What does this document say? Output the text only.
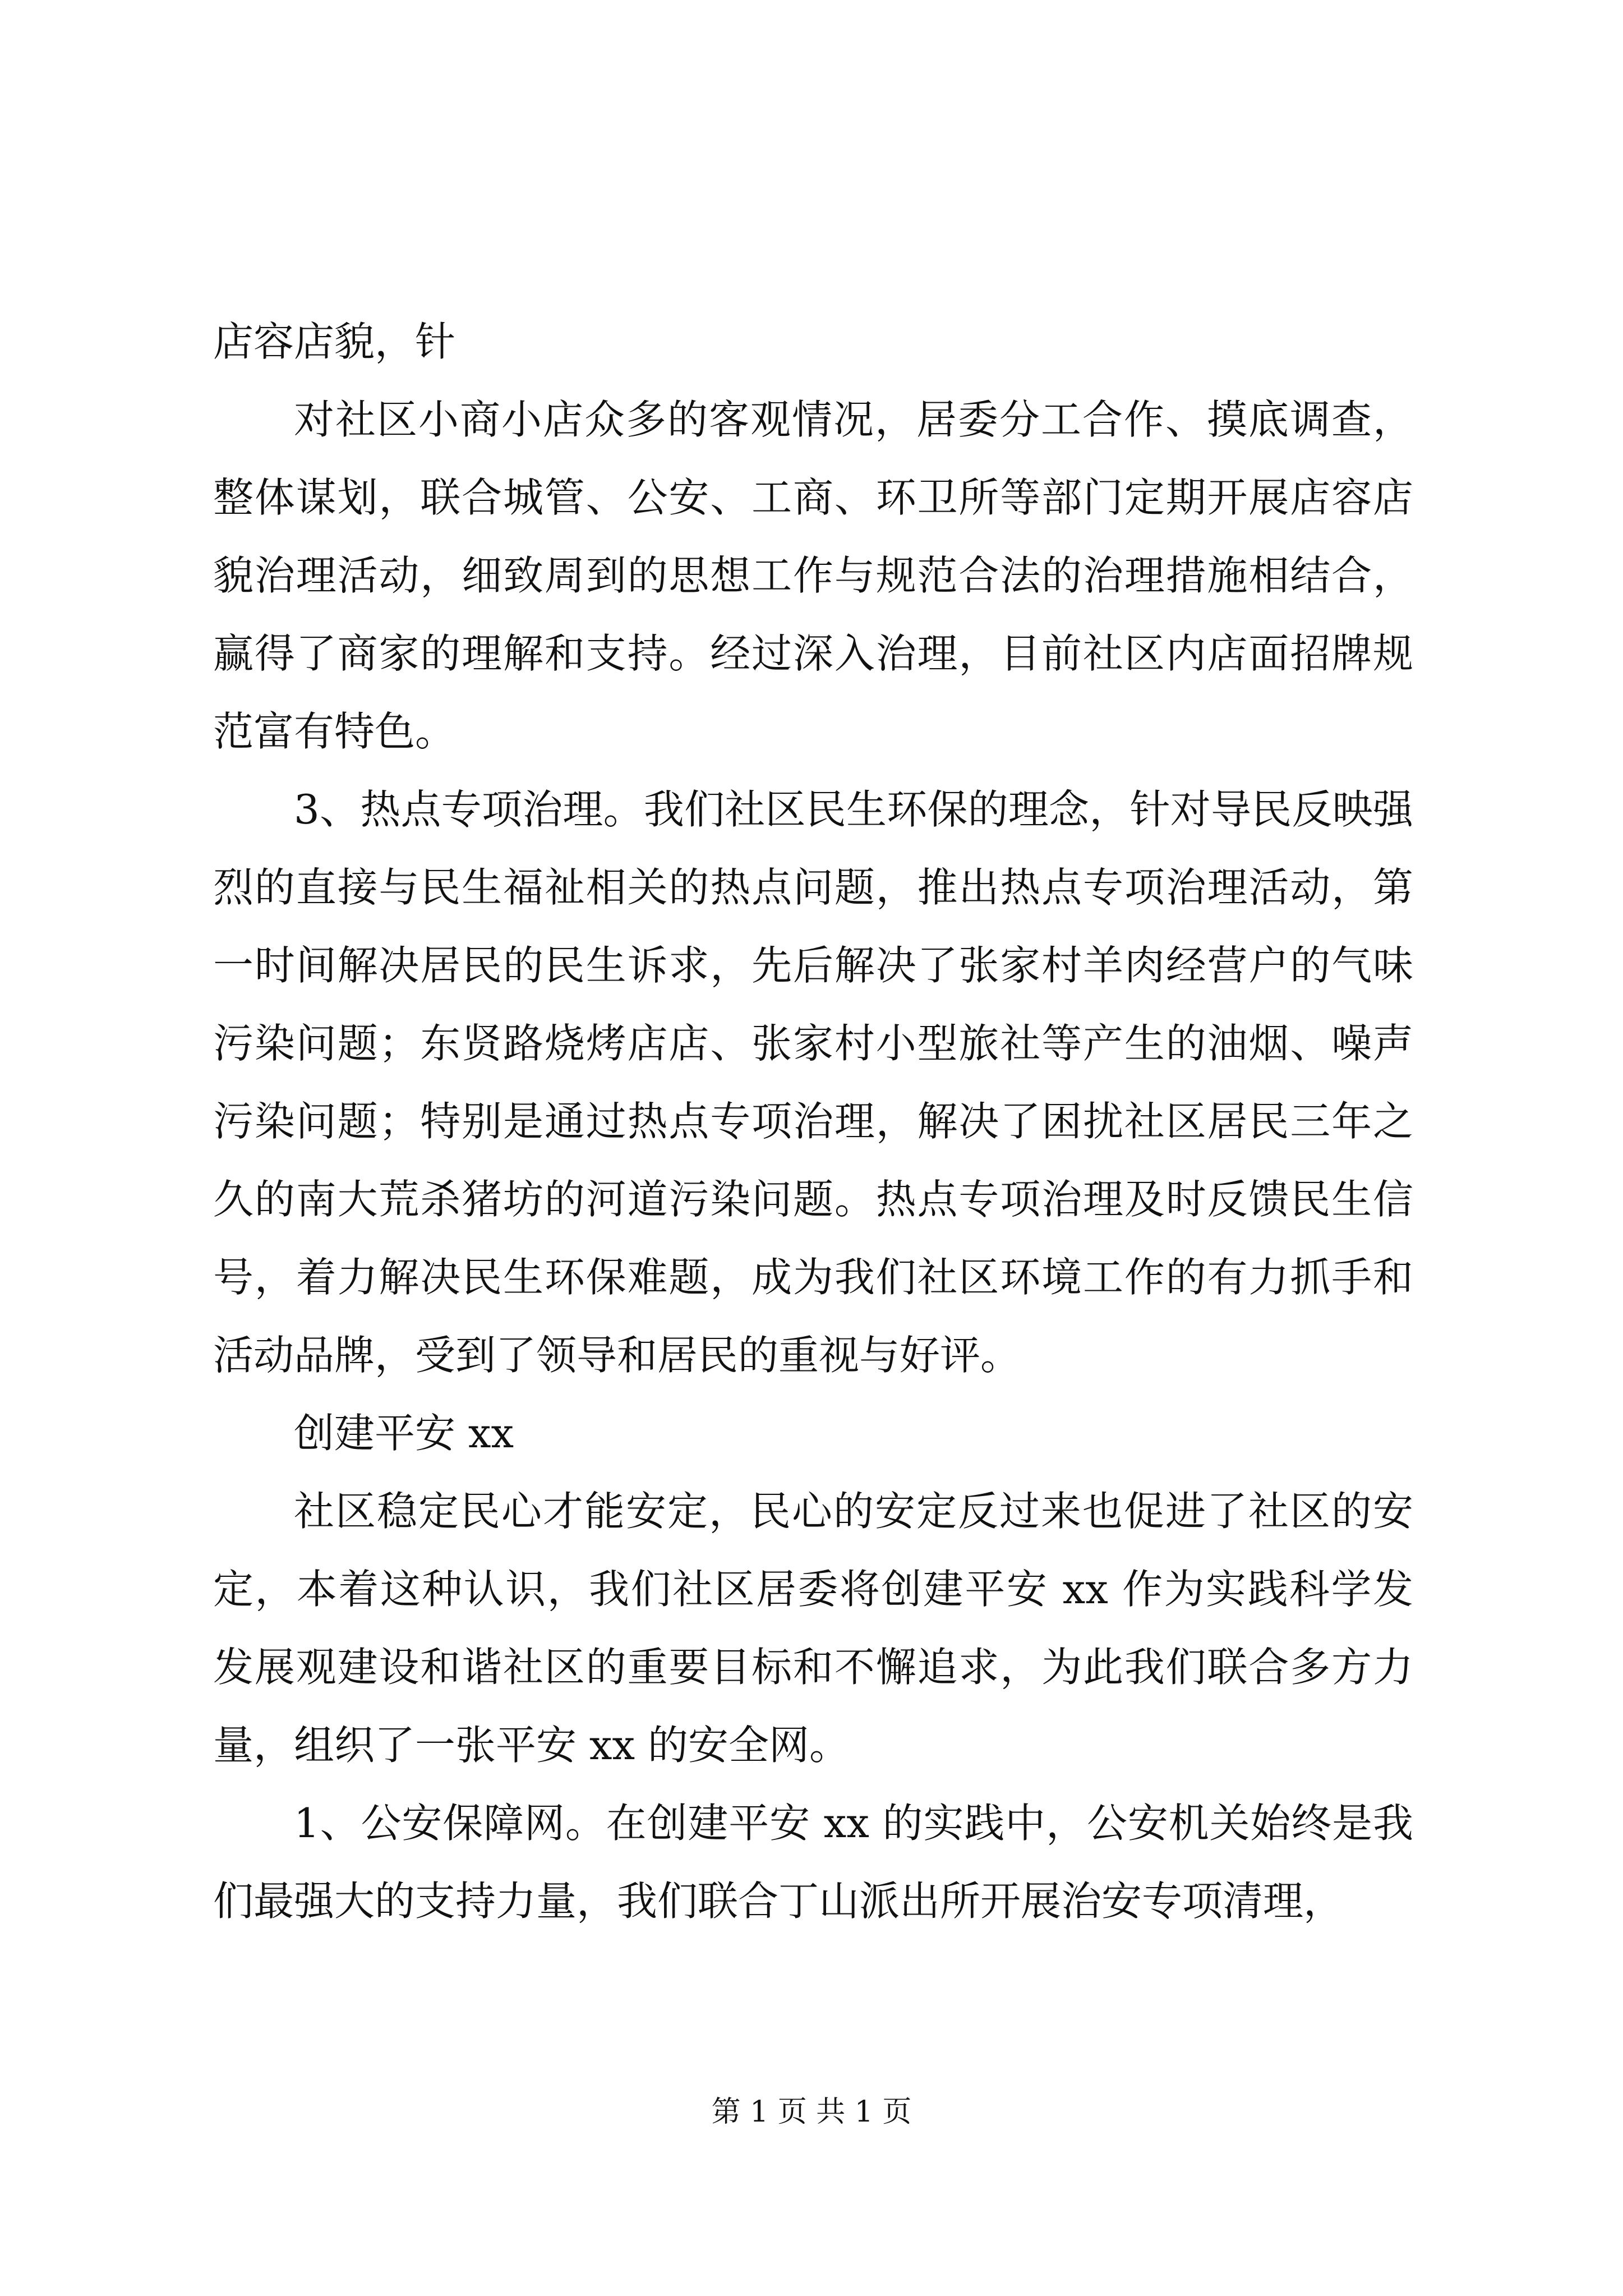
店容店貌，针

对社区小商小店众多的客观情况，居委分工合作、摸底调查，整体谋划，联合城管、公安、工商、环卫所等部门定期开展店容店貌治理活动，细致周到的思想工作与规范合法的治理措施相结合，赢得了商家的理解和支持。经过深入治理，目前社区内店面招牌规范富有特色。

3、热点专项治理。我们社区民生环保的理念，针对导民反映强烈的直接与民生福祉相关的热点问题，推出热点专项治理活动，第一时间解决居民的民生诉求，先后解决了张家村羊肉经营户的气味污染问题；东贤路烧烤店店、张家村小型旅社等产生的油烟、噪声污染问题；特别是通过热点专项治理，解决了困扰社区居民三年之久的南大荒杀猪坊的河道污染问题。热点专项治理及时反馈民生信号，着力解决民生环保难题，成为我们社区环境工作的有力抓手和活动品牌，受到了领导和居民的重视与好评。

创建平安 xx

社区稳定民心才能安定，民心的安定反过来也促进了社区的安定，本着这种认识，我们社区居委将创建平安 xx 作为实践科学发发展观建设和谐社区的重要目标和不懈追求，为此我们联合多方力量，组织了一张平安 xx 的安全网。

1、公安保障网。在创建平安 xx 的实践中，公安机关始终是我们最强大的支持力量，我们联合丁山派出所开展治安专项清理，

第 1 页 共 1 页
